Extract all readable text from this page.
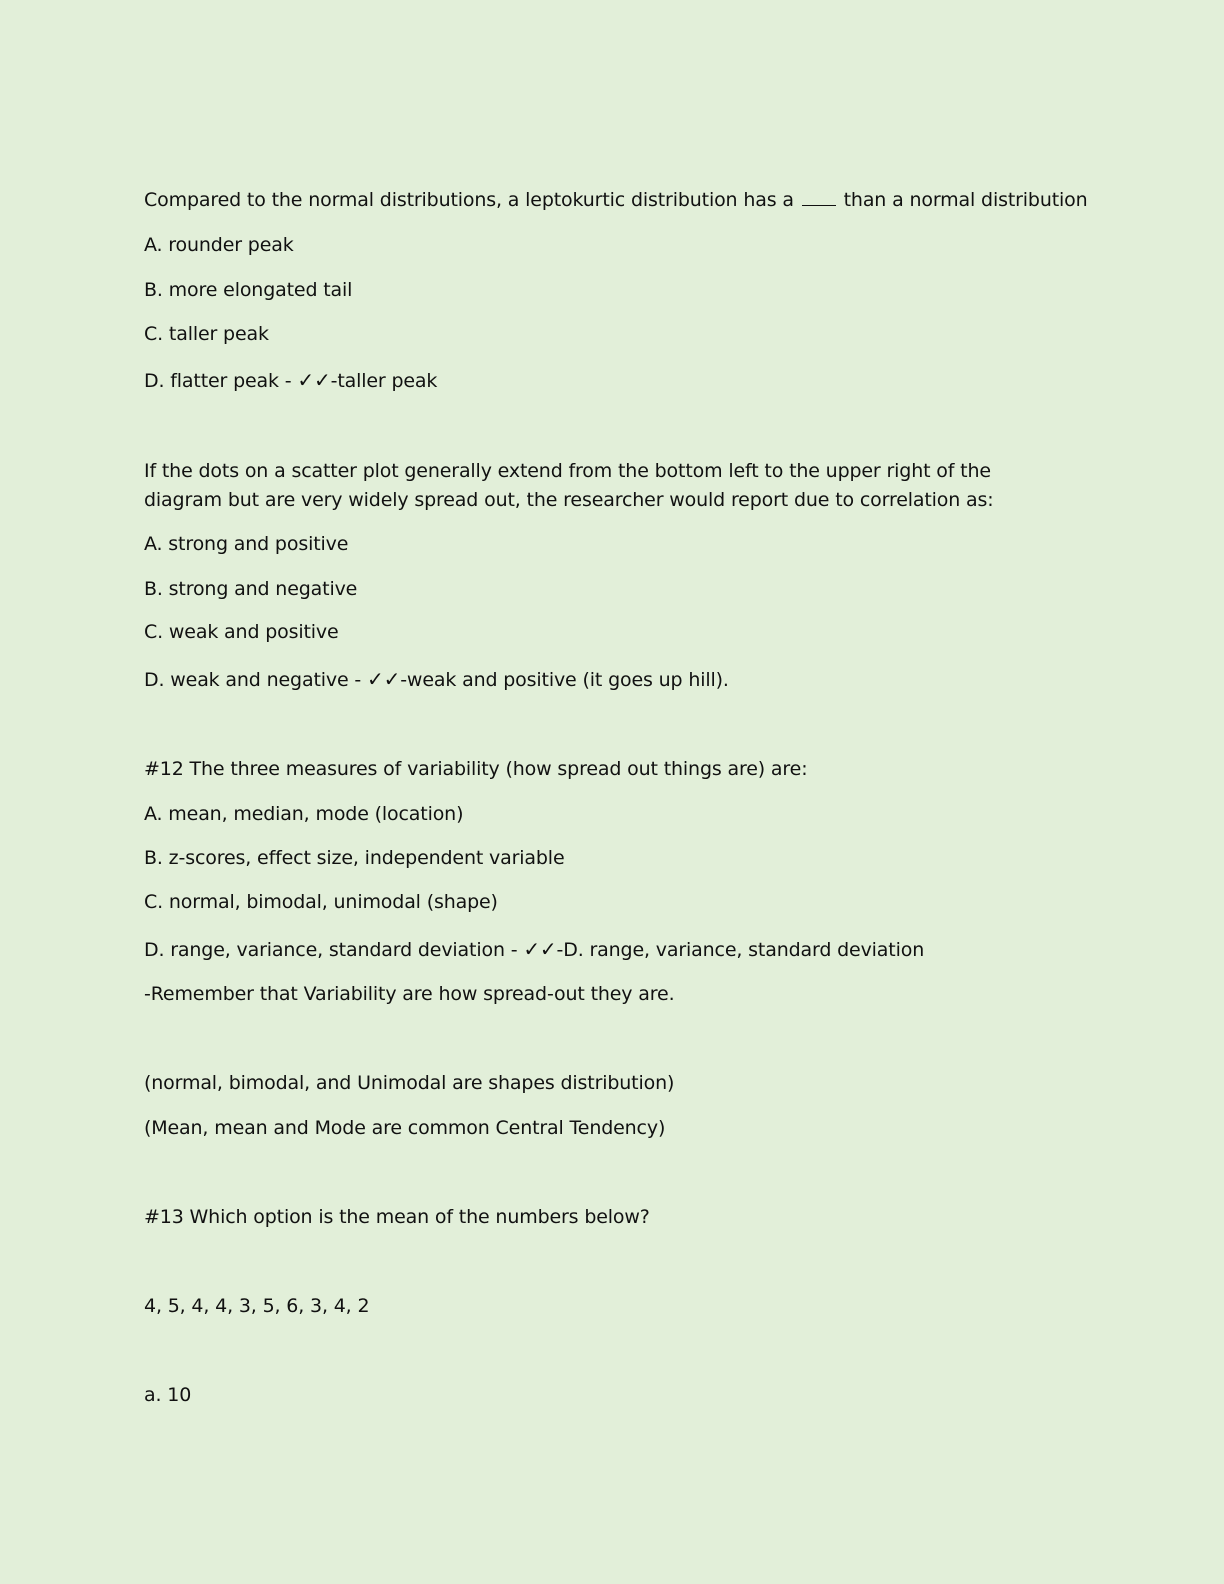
Compared to the normal distributions, a leptokurtic distribution has a	than a normal distribution

A. rounder peak

B. more elongated tail

C. taller peak

D. flatter peak - ✓✓-taller peak

If the dots on a scatter plot generally extend from the bottom left to the upper right of the diagram but are very widely spread out, the researcher would report due to correlation as:

A. strong and positive

B. strong and negative

C. weak and positive

D. weak and negative - ✓✓-weak and positive (it goes up hill).

#12 The three measures of variability (how spread out things are) are:

A. mean, median, mode (location)

B. z-scores, effect size, independent variable

C. normal, bimodal, unimodal (shape)

D. range, variance, standard deviation - ✓✓-D. range, variance, standard deviation

-Remember that Variability are how spread-out they are.

(normal, bimodal, and Unimodal are shapes distribution)

(Mean, mean and Mode are common Central Tendency)

#13 Which option is the mean of the numbers below?

4, 5, 4, 4, 3, 5, 6, 3, 4, 2

a. 10
